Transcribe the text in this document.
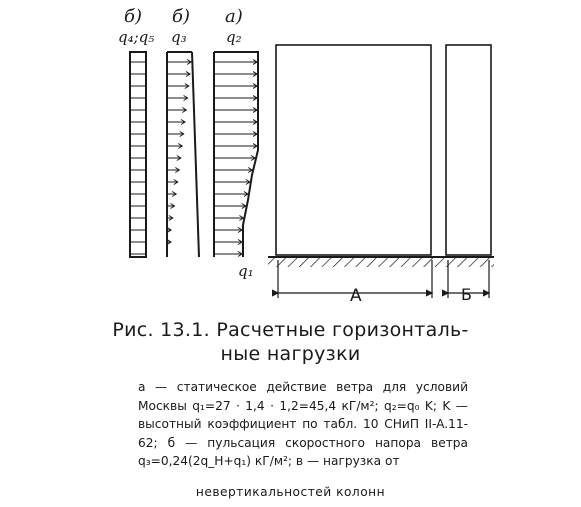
б) б) а)
q₄;q₅ q₃	q₂
q₁
A	Б
Рис. 13.1. Расчетные горизонталь-
ные нагрузки

а — статическое действие ветра для условий Москвы q₁=27 · 1,4 · 1,2=45,4 кГ/м²; q₂=q₀ K; K — высотный коэффициент по табл. 10 СНиП II-A.11-62; б — пульсация скоростного напора ветра q₃=0,24(2q_H+q₁) кГ/м²; в — нагрузка от

невертикальностей колонн
